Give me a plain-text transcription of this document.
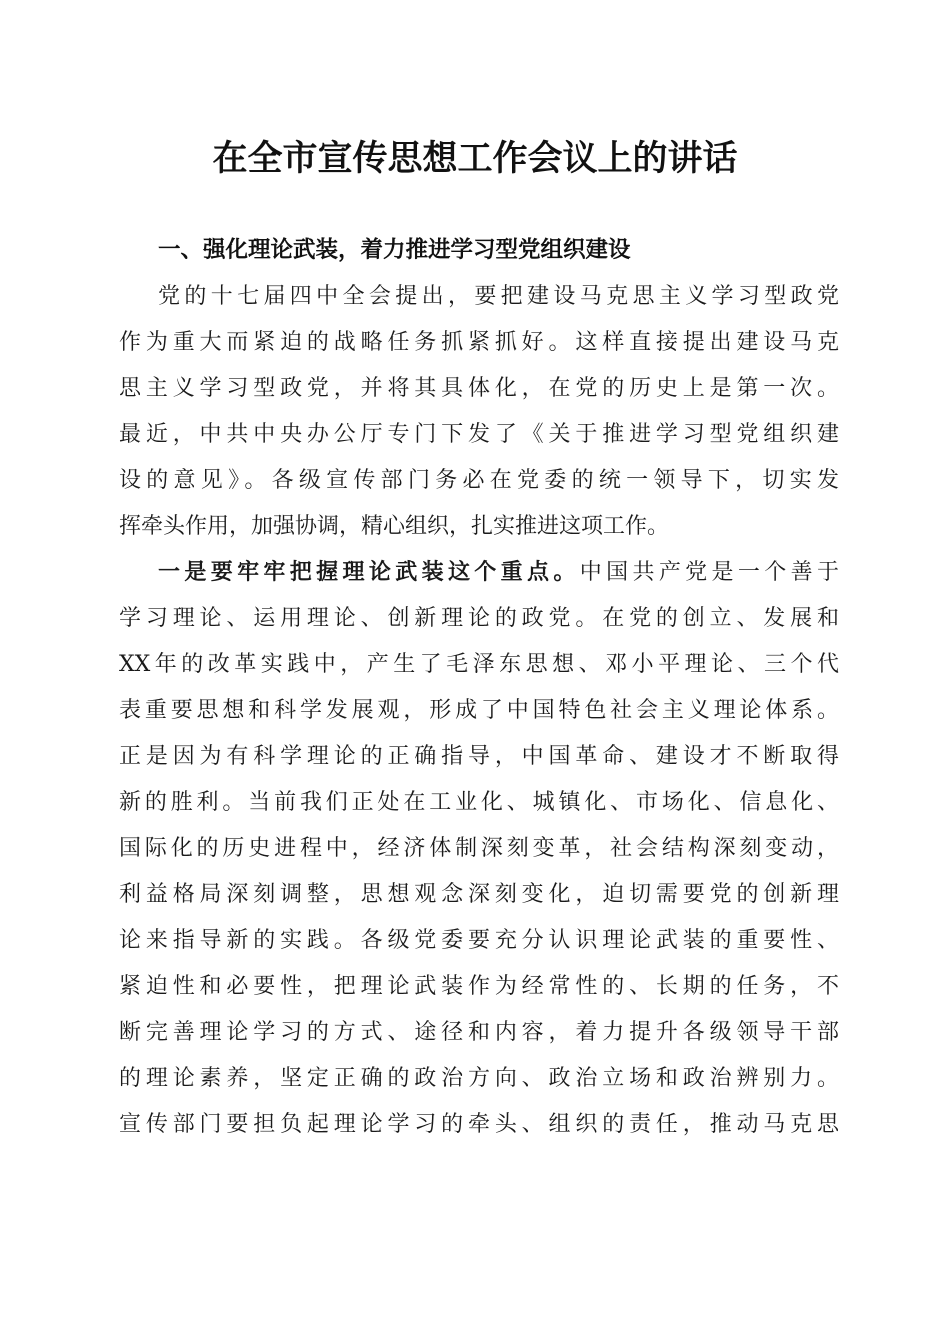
在全市宣传思想工作会议上的讲话
一、强化理论武装，着力推进学习型党组织建设

党的十七届四中全会提出，要把建设马克思主义学习型政党

作为重大而紧迫的战略任务抓紧抓好。这样直接提出建设马克

思主义学习型政党，并将其具体化，在党的历史上是第一次。

最近，中共中央办公厅专门下发了《关于推进学习型党组织建

设的意见》。各级宣传部门务必在党委的统一领导下，切实发

挥牵头作用，加强协调，精心组织，扎实推进这项工作。

一是要牢牢把握理论武装这个重点。中国共产党是一个善于

学习理论、运用理论、创新理论的政党。在党的创立、发展和

XX年的改革实践中，产生了毛泽东思想、邓小平理论、三个代

表重要思想和科学发展观，形成了中国特色社会主义理论体系。

正是因为有科学理论的正确指导，中国革命、建设才不断取得

新的胜利。当前我们正处在工业化、城镇化、市场化、信息化、

国际化的历史进程中，经济体制深刻变革，社会结构深刻变动，

利益格局深刻调整，思想观念深刻变化，迫切需要党的创新理

论来指导新的实践。各级党委要充分认识理论武装的重要性、

紧迫性和必要性，把理论武装作为经常性的、长期的任务，不

断完善理论学习的方式、途径和内容，着力提升各级领导干部

的理论素养，坚定正确的政治方向、政治立场和政治辨别力。

宣传部门要担负起理论学习的牵头、组织的责任，推动马克思
